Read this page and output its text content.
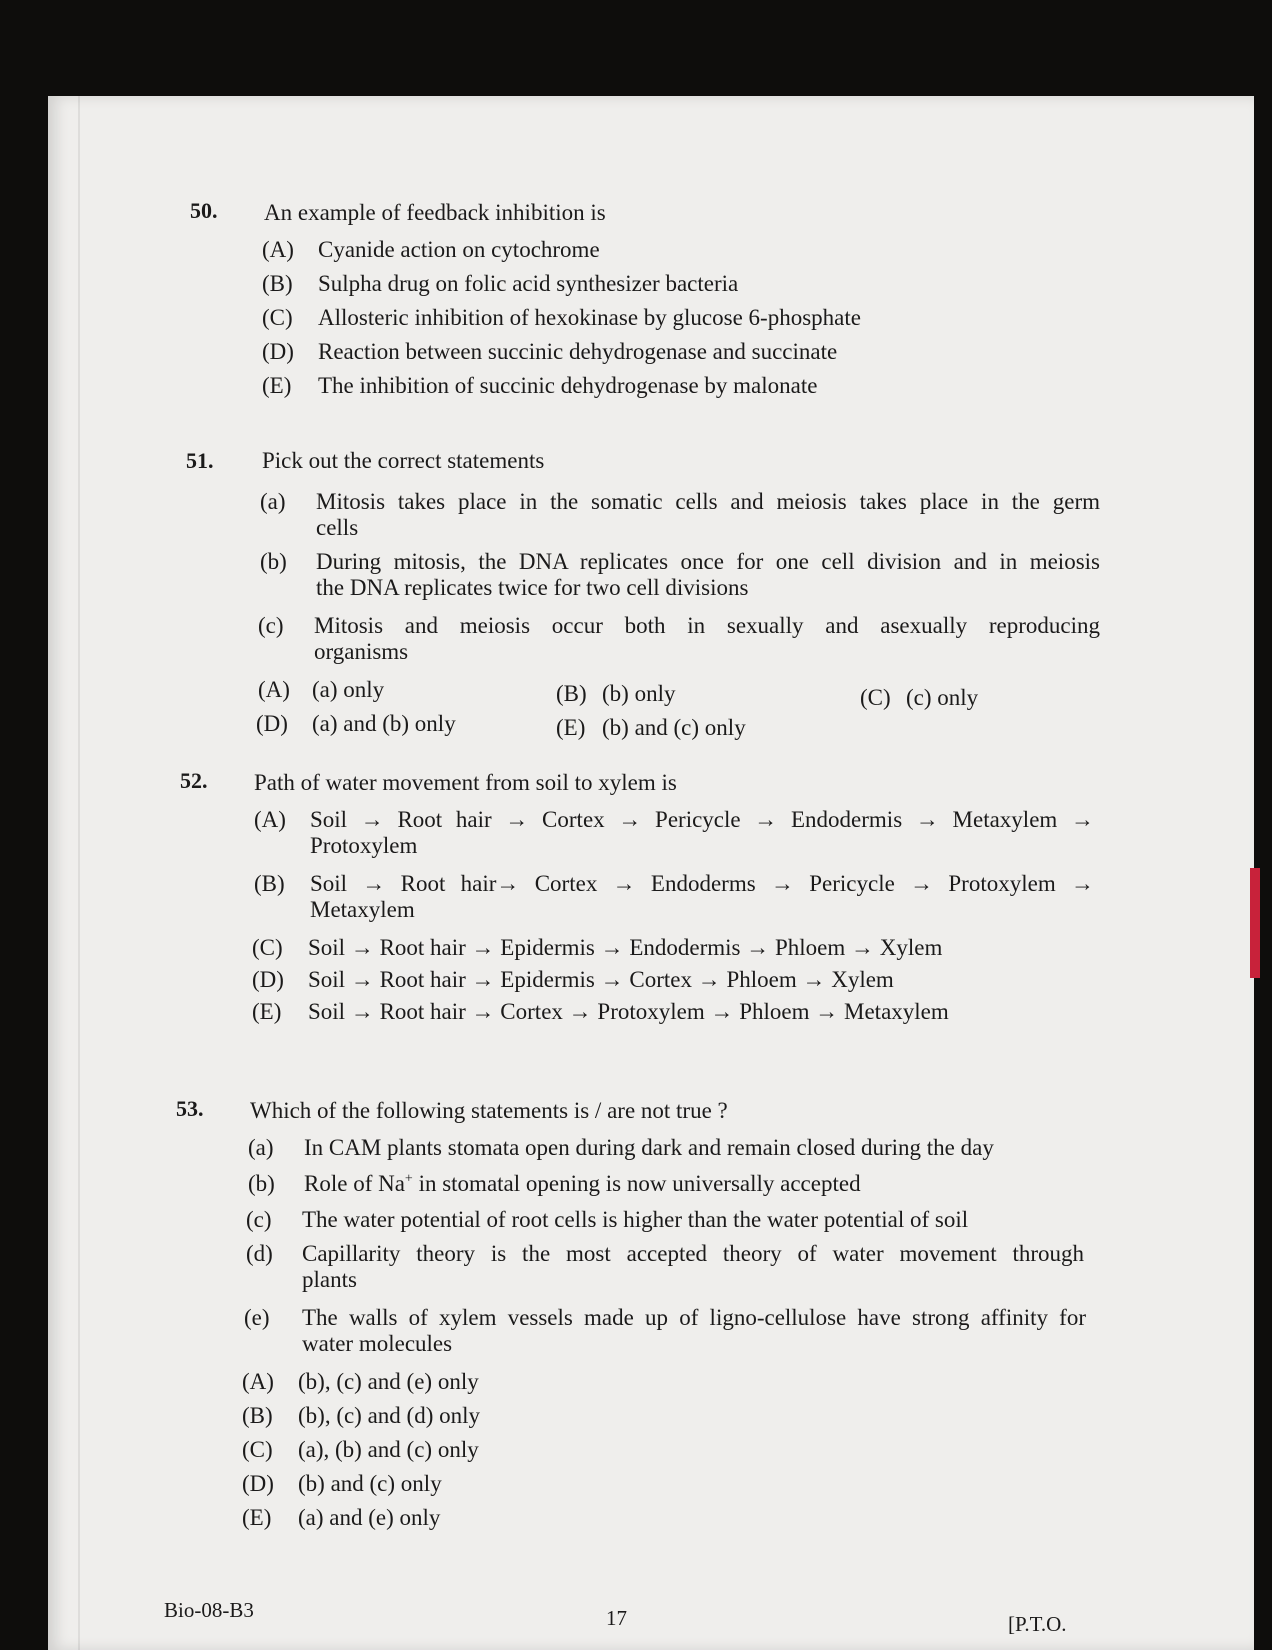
50. An example of feedback inhibition is
(A) Cyanide action on cytochrome
(B) Sulpha drug on folic acid synthesizer bacteria
(C) Allosteric inhibition of hexokinase by glucose 6-phosphate
(D) Reaction between succinic dehydrogenase and succinate
(E) The inhibition of succinic dehydrogenase by malonate
51. Pick out the correct statements
(a) Mitosis takes place in the somatic cells and meiosis takes place in the germ
cells
(b) During mitosis, the DNA replicates once for one cell division and in meiosis
the DNA replicates twice for two cell divisions
(c) Mitosis and meiosis occur both in sexually and asexually reproducing
organisms
(A) (a) only	(B) (b) only	(C) (c) only
(D) (a) and (b) only	(E) (b) and (c) only
52. Path of water movement from soil to xylem is
(A) Soil → Root hair → Cortex → Pericycle → Endodermis → Metaxylem →
Protoxylem
(B) Soil → Root hair→ Cortex → Endoderms → Pericycle → Protoxylem →
Metaxylem
(C) Soil → Root hair → Epidermis → Endodermis → Phloem → Xylem
(D) Soil → Root hair → Epidermis → Cortex → Phloem → Xylem
(E) Soil → Root hair → Cortex → Protoxylem → Phloem → Metaxylem
53. Which of the following statements is / are not true ?
(a) In CAM plants stomata open during dark and remain closed during the day
(b) Role of Na+ in stomatal opening is now universally accepted
(c) The water potential of root cells is higher than the water potential of soil
(d) Capillarity theory is the most accepted theory of water movement through
plants
(e) The walls of xylem vessels made up of ligno-cellulose have strong affinity for
water molecules
(A) (b), (c) and (e) only
(B) (b), (c) and (d) only
(C) (a), (b) and (c) only
(D) (b) and (c) only
(E) (a) and (e) only
Bio-08-B3	17	[P.T.O.
